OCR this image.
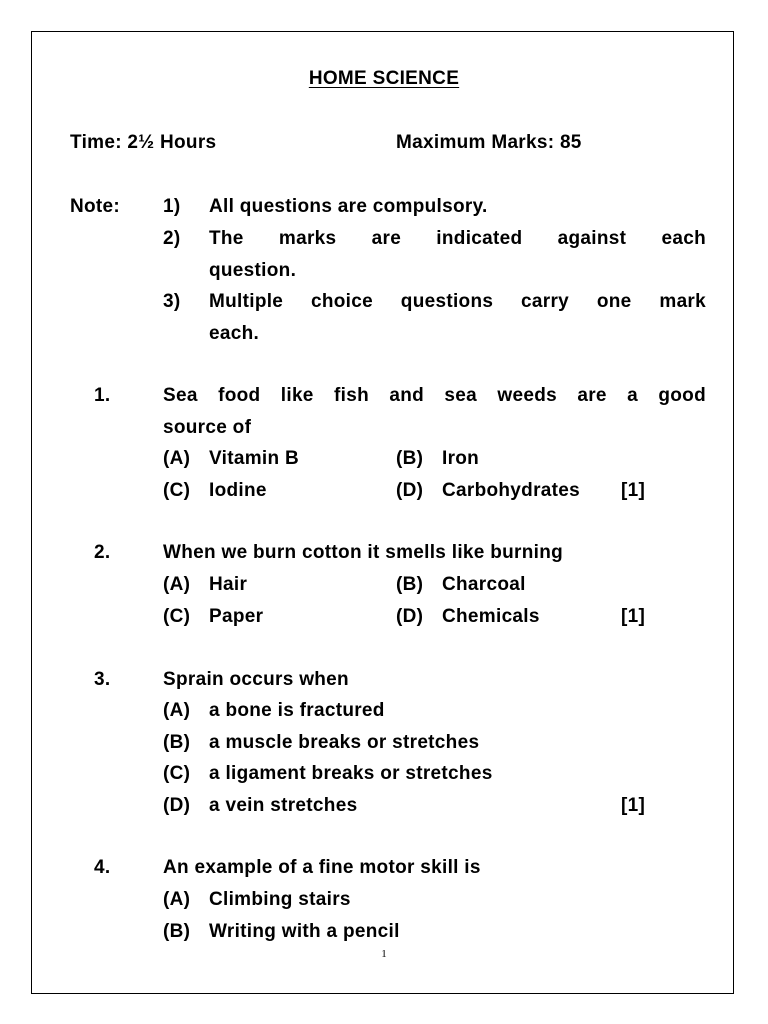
HOME SCIENCE
Time: 2½ Hours	Maximum Marks: 85
Note: 1) All questions are compulsory.
2) The marks are indicated against each
question.
3) Multiple choice questions carry one mark
each.
1.	Sea food like fish and sea weeds are a good
source of
(A) Vitamin B	(B) Iron
(C) Iodine	(D) Carbohydrates [1]
2.	When we burn cotton it smells like burning
(A) Hair	(B) Charcoal
(C) Paper	(D) Chemicals	[1]
3.	Sprain occurs when
(A) a bone is fractured
(B) a muscle breaks or stretches
(C) a ligament breaks or stretches
(D) a vein stretches	[1]
4.	An example of a fine motor skill is
(A) Climbing stairs
(B) Writing with a pencil
1
